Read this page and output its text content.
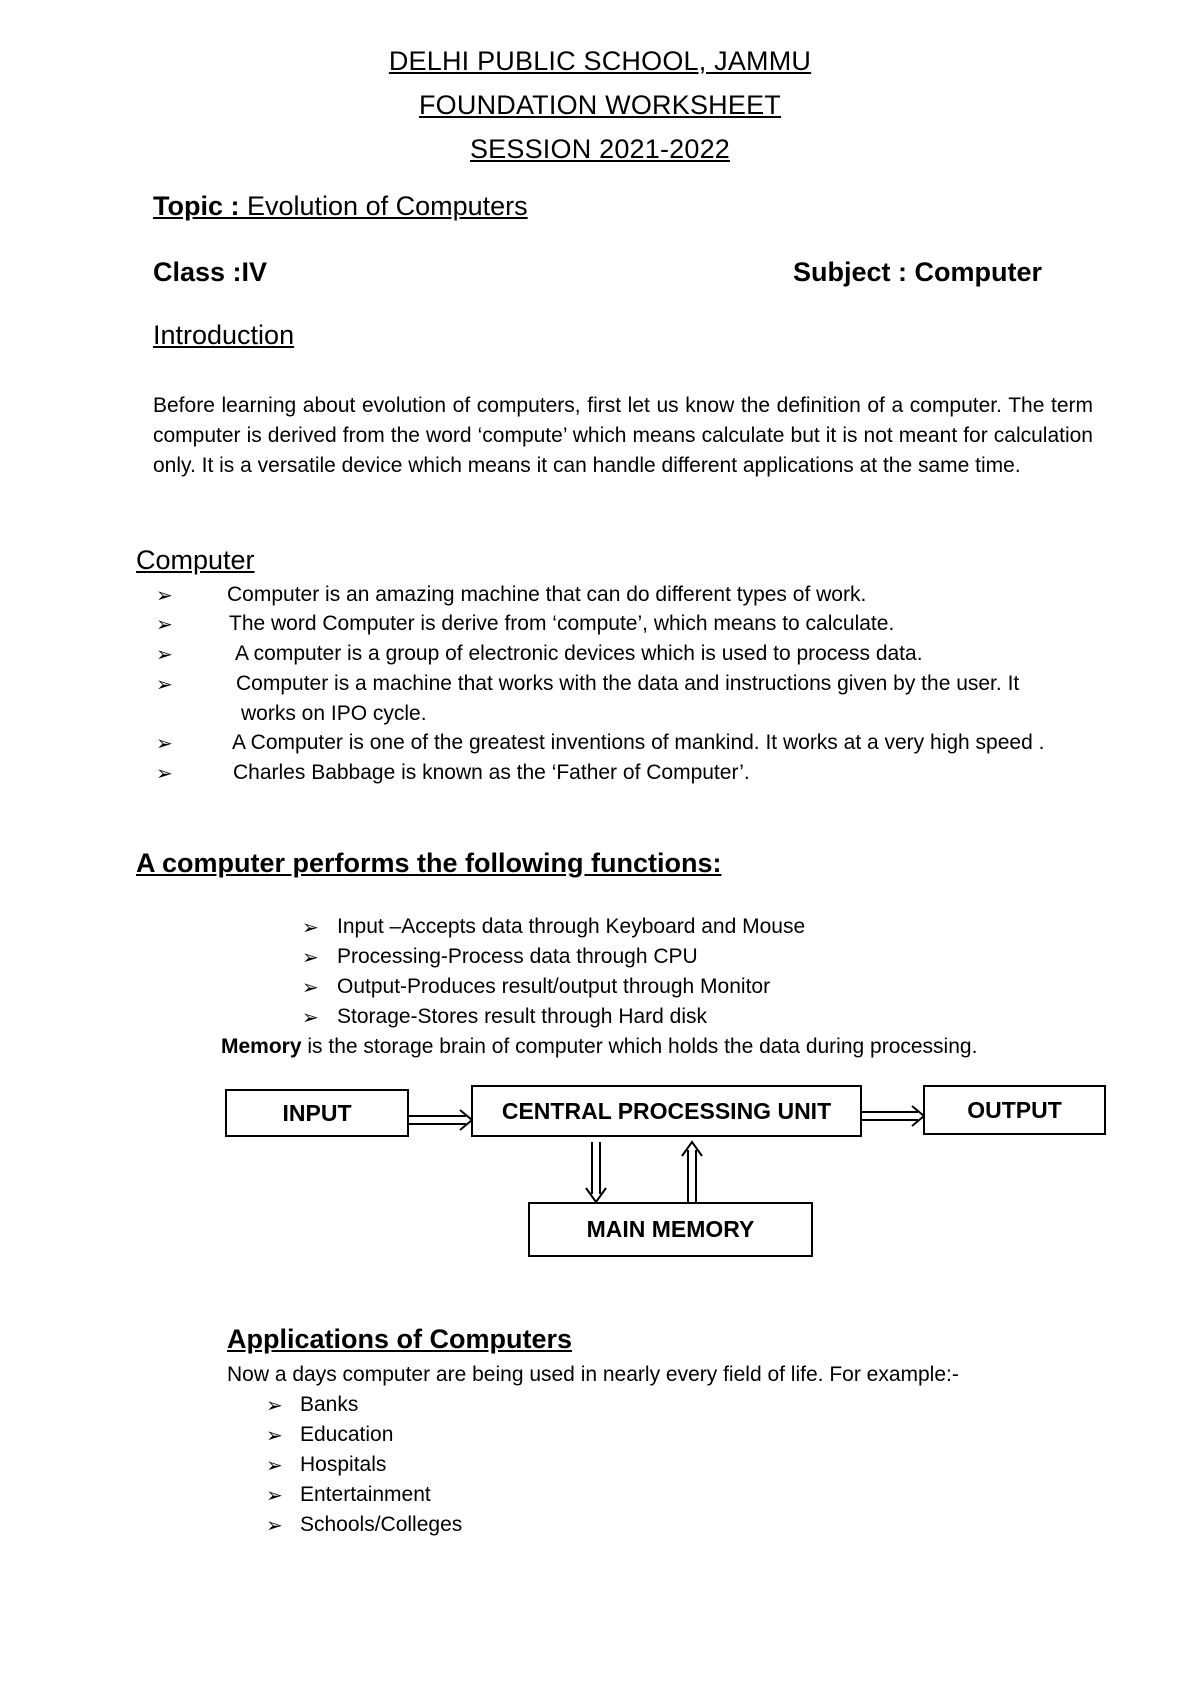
DELHI PUBLIC SCHOOL, JAMMU
FOUNDATION WORKSHEET
SESSION 2021-2022
Topic : Evolution of Computers
Class :IV	Subject : Computer
Introduction
Before learning about evolution of computers, first let us know the definition of a computer. The term computer is derived from the word ‘compute’ which means calculate but it is not meant for calculation only. It is a versatile device which means it can handle different applications at the same time.
Computer
➢	Computer is an amazing machine that can do different types of work.
➢	The word Computer is derive from ‘compute’, which means to calculate.
➢	A computer is a group of electronic devices which is used to process data.
➢	Computer is a machine that works with the data and instructions given by the user. It
works on IPO cycle.
➢	A Computer is one of the greatest inventions of mankind. It works at a very high speed .
➢	Charles Babbage is known as the ‘Father of Computer’.
A computer performs the following functions:
➢ Input –Accepts data through Keyboard and Mouse
➢ Processing-Process data through CPU
➢ Output-Produces result/output through Monitor
➢ Storage-Stores result through Hard disk
Memory is the storage brain of computer which holds the data during processing.
INPUT	CENTRAL PROCESSING UNIT	OUTPUT
MAIN MEMORY
Applications of Computers
Now a days computer are being used in nearly every field of life. For example:-
➢ Banks
➢ Education
➢ Hospitals
➢ Entertainment
➢ Schools/Colleges
